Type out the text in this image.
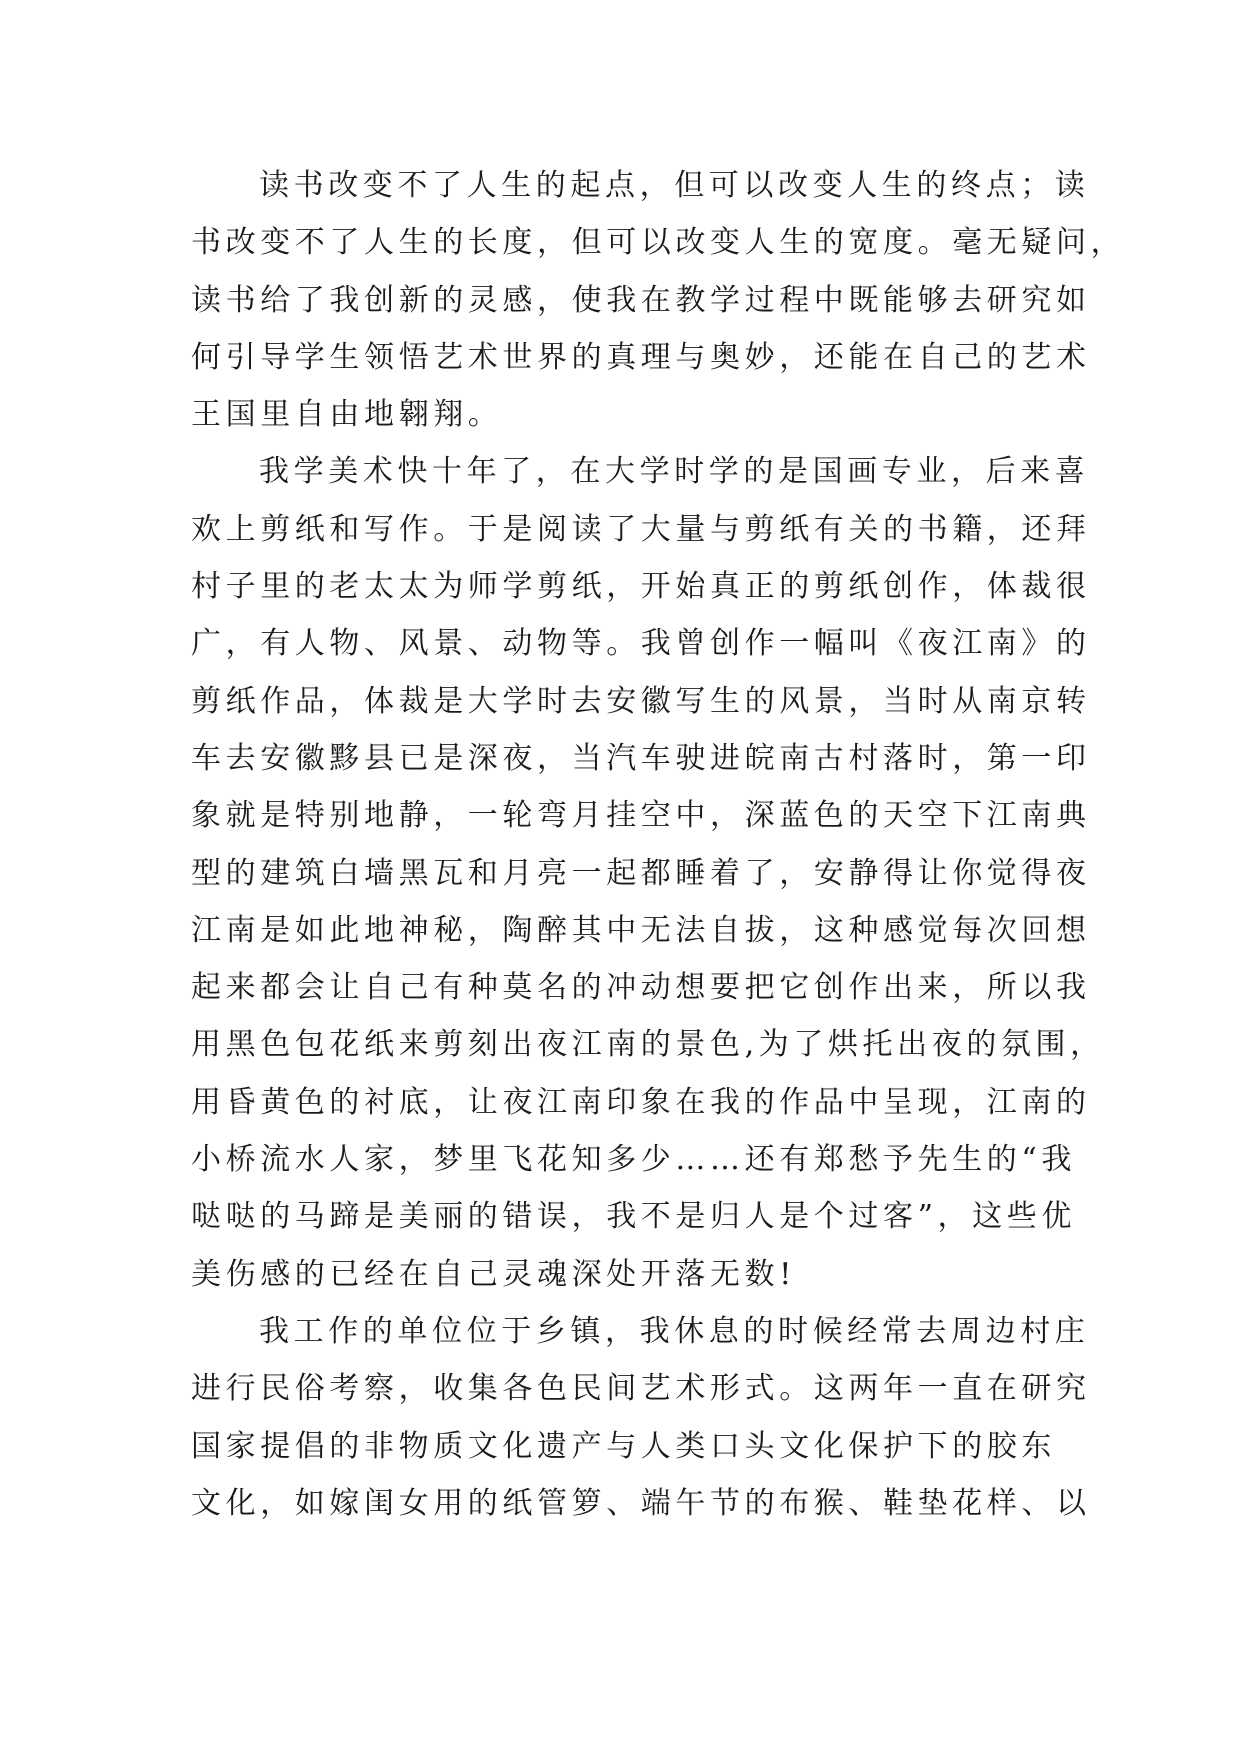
读书改变不了人生的起点，但可以改变人生的终点；读
书改变不了人生的长度，但可以改变人生的宽度。毫无疑问，
读书给了我创新的灵感，使我在教学过程中既能够去研究如
何引导学生领悟艺术世界的真理与奥妙，还能在自己的艺术
王国里自由地翱翔。
我学美术快十年了，在大学时学的是国画专业，后来喜
欢上剪纸和写作。于是阅读了大量与剪纸有关的书籍，还拜
村子里的老太太为师学剪纸，开始真正的剪纸创作，体裁很
广，有人物、风景、动物等。我曾创作一幅叫《夜江南》的
剪纸作品，体裁是大学时去安徽写生的风景，当时从南京转
车去安徽黟县已是深夜，当汽车驶进皖南古村落时，第一印
象就是特别地静，一轮弯月挂空中，深蓝色的天空下江南典
型的建筑白墙黑瓦和月亮一起都睡着了，安静得让你觉得夜
江南是如此地神秘，陶醉其中无法自拔，这种感觉每次回想
起来都会让自己有种莫名的冲动想要把它创作出来，所以我
用黑色包花纸来剪刻出夜江南的景色,为了烘托出夜的氛围，
用昏黄色的衬底，让夜江南印象在我的作品中呈现，江南的
小桥流水人家，梦里飞花知多少……还有郑愁予先生的“我
哒哒的马蹄是美丽的错误，我不是归人是个过客”，这些优
美伤感的已经在自己灵魂深处开落无数!
我工作的单位位于乡镇，我休息的时候经常去周边村庄
进行民俗考察，收集各色民间艺术形式。这两年一直在研究
国家提倡的非物质文化遗产与人类口头文化保护下的胶东
文化，如嫁闺女用的纸管箩、端午节的布猴、鞋垫花样、以
